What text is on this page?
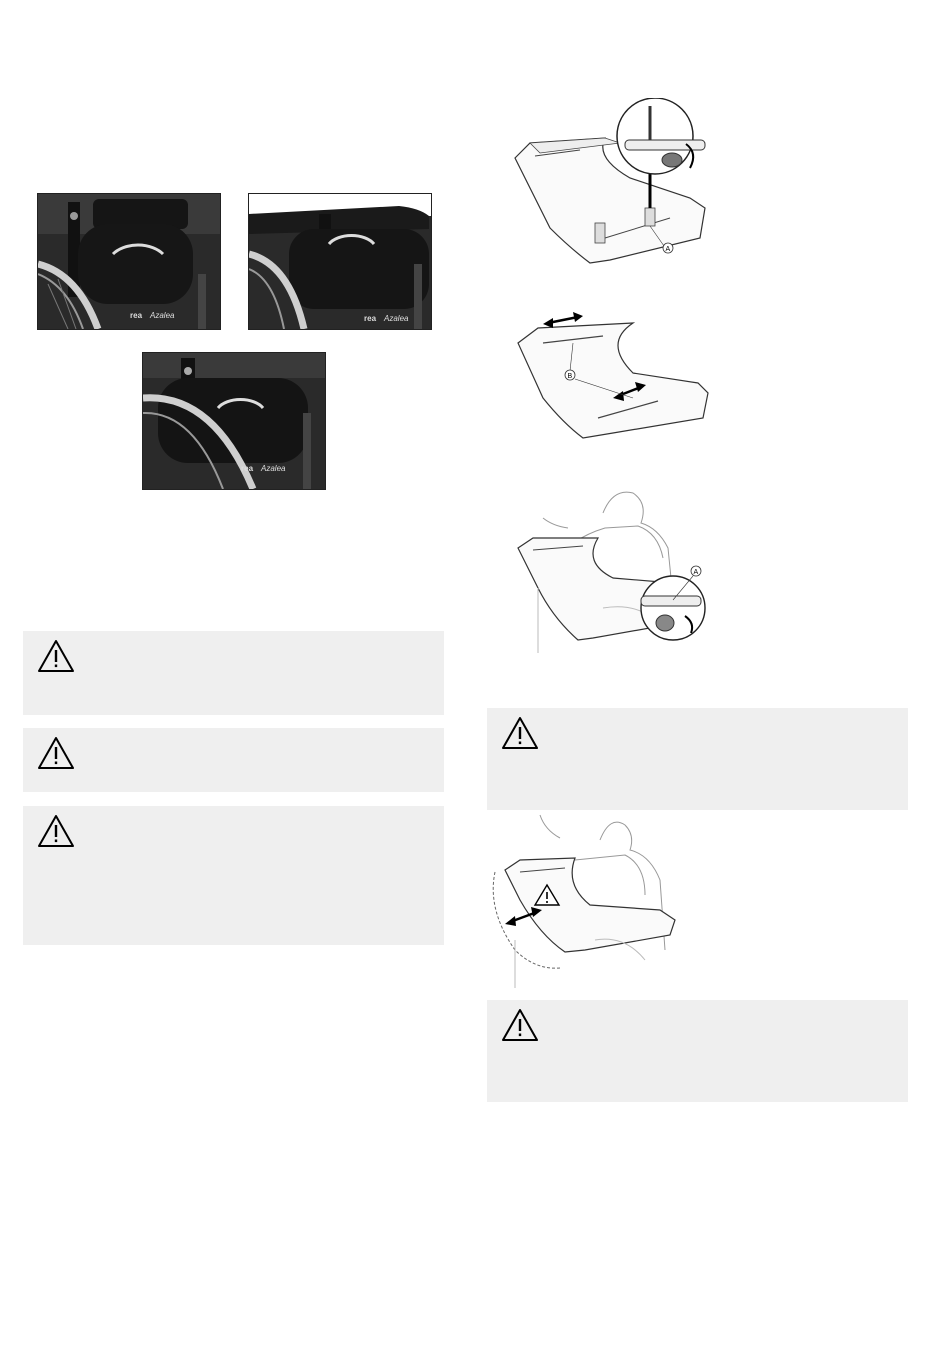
rea Azalea	rea Azalea
rea Azalea
A
B
A
